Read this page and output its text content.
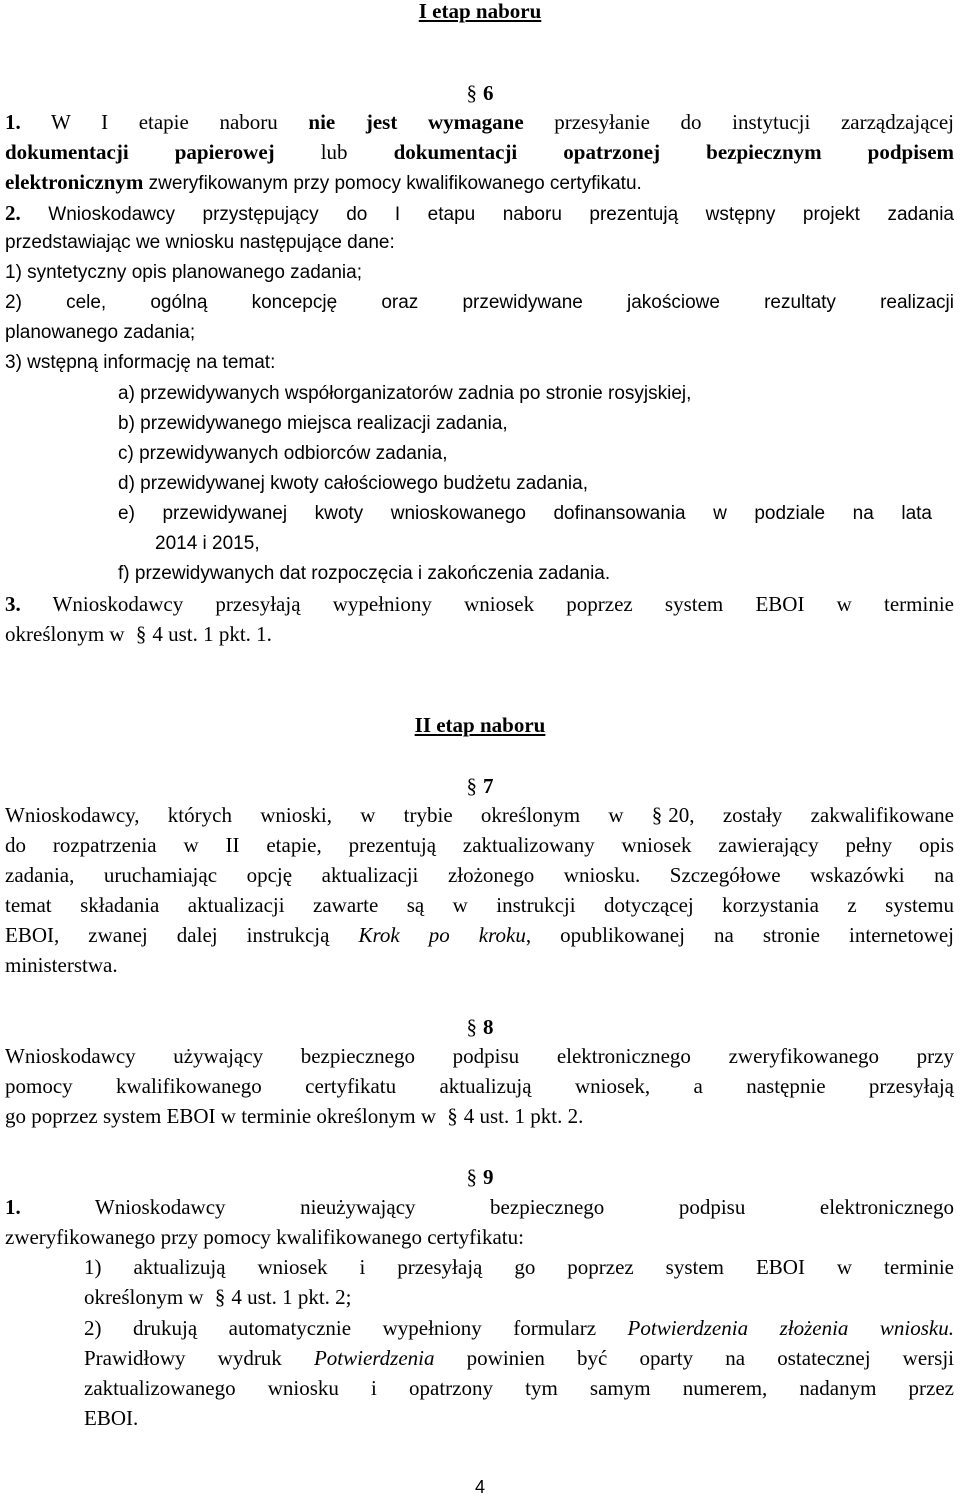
I etap naboru
§ 6
1. W I etapie naboru nie jest wymagane przesyłanie do instytucji zarządzającej
dokumentacji papierowej lub dokumentacji opatrzonej bezpiecznym podpisem
elektronicznym zweryfikowanym przy pomocy kwalifikowanego certyfikatu.
2. Wnioskodawcy przystępujący do I etapu naboru prezentują wstępny projekt zadania
przedstawiając we wniosku następujące dane:
1) syntetyczny opis planowanego zadania;
2) cele, ogólną koncepcję oraz przewidywane jakościowe rezultaty realizacji
planowanego zadania;
3) wstępną informację na temat:
a) przewidywanych współorganizatorów zadnia po stronie rosyjskiej,
b) przewidywanego miejsca realizacji zadania,
c) przewidywanych odbiorców zadania,
d) przewidywanej kwoty całościowego budżetu zadania,
e) przewidywanej kwoty wnioskowanego dofinansowania w podziale na lata
2014 i 2015,
f) przewidywanych dat rozpoczęcia i zakończenia zadania.
3. Wnioskodawcy przesyłają wypełniony wniosek poprzez system EBOI w terminie
określonym w § 4 ust. 1 pkt. 1.
II etap naboru
§ 7
Wnioskodawcy, których wnioski, w trybie określonym w § 20, zostały zakwalifikowane
do rozpatrzenia w II etapie, prezentują zaktualizowany wniosek zawierający pełny opis
zadania, uruchamiając opcję aktualizacji złożonego wniosku. Szczegółowe wskazówki na
temat składania aktualizacji zawarte są w instrukcji dotyczącej korzystania z systemu
EBOI, zwanej dalej instrukcją Krok po kroku, opublikowanej na stronie internetowej
ministerstwa.
§ 8
Wnioskodawcy używający bezpiecznego podpisu elektronicznego zweryfikowanego przy
pomocy kwalifikowanego certyfikatu aktualizują wniosek, a następnie przesyłają
go poprzez system EBOI w terminie określonym w § 4 ust. 1 pkt. 2.
§ 9
1.	Wnioskodawcy nieużywający bezpiecznego podpisu elektronicznego
zweryfikowanego przy pomocy kwalifikowanego certyfikatu:
1) aktualizują wniosek i przesyłają go poprzez system EBOI w terminie
określonym w § 4 ust. 1 pkt. 2;
2) drukują automatycznie wypełniony formularz Potwierdzenia złożenia wniosku.
Prawidłowy wydruk Potwierdzenia powinien być oparty na ostatecznej wersji
zaktualizowanego wniosku i opatrzony tym samym numerem, nadanym przez
EBOI.
4
